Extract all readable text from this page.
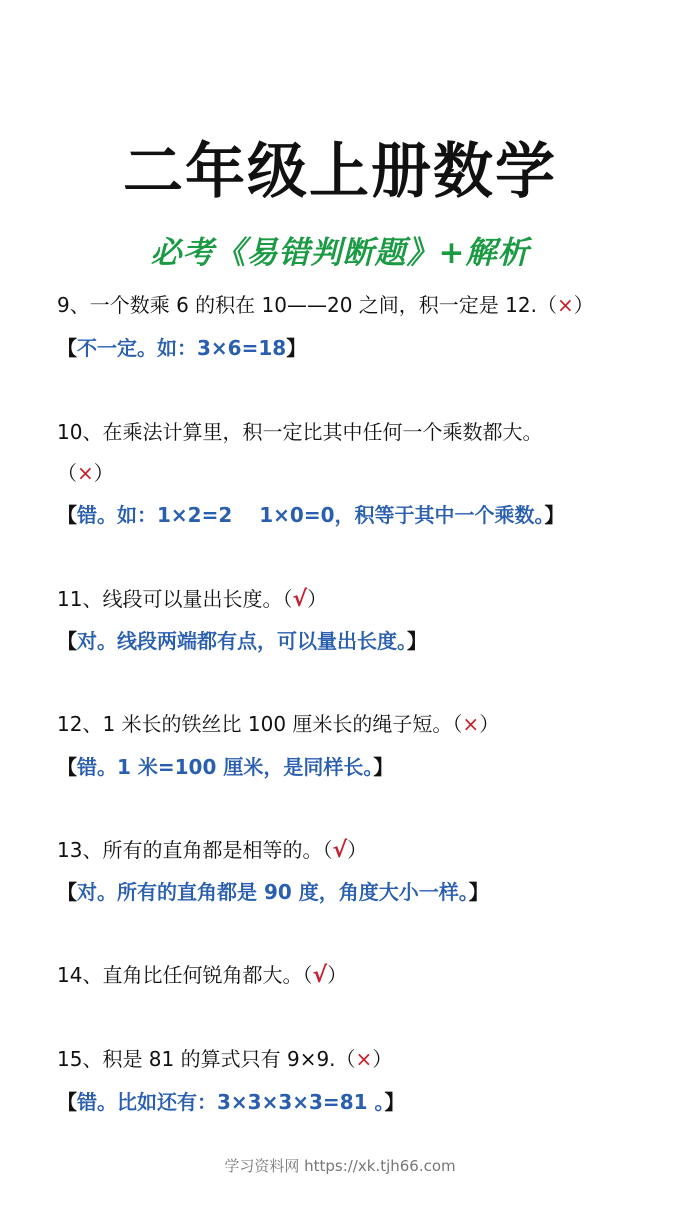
二年级上册数学
必考《易错判断题》+解析
9、一个数乘 6 的积在 10——20 之间，积一定是 12.（×）
【不一定。如：3×6=18】
10、在乘法计算里，积一定比其中任何一个乘数都大。
（×）
【错。如：1×2=2　 1×0=0，积等于其中一个乘数。】
11、线段可以量出长度。（√）
【对。线段两端都有点，可以量出长度。】
12、1 米长的铁丝比 100 厘米长的绳子短。（×）
【错。1 米=100 厘米，是同样长。】
13、所有的直角都是相等的。（√）
【对。所有的直角都是 90 度，角度大小一样。】
14、直角比任何锐角都大。（√）
15、积是 81 的算式只有 9×9.（×）
【错。比如还有：3×3×3×3=81 。】
学习资料网 https://xk.tjh66.com
